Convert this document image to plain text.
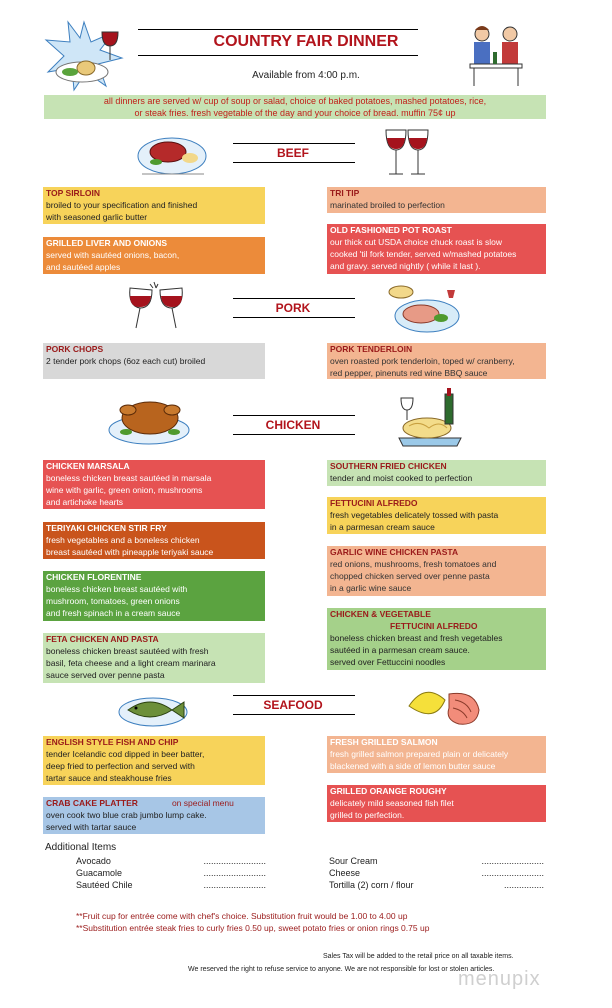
COUNTRY FAIR DINNER
Available from 4:00 p.m.
all dinners are served w/ cup of soup or salad, choice of baked potatoes, mashed potatoes, rice,
or steak fries. fresh vegetable of the day and your choice of bread. muffin 75¢ up
BEEF
TOP SIRLOIN
broiled to your specification and finished
with seasoned garlic butter
TRI TIP
marinated broiled to perfection
GRILLED LIVER AND ONIONS
served with sautéed onions, bacon,
and sautéed apples
OLD FASHIONED POT ROAST
our thick cut USDA choice chuck roast is slow
cooked 'til fork tender, served w/mashed potatoes
and gravy. served nightly ( while it last ).
PORK
PORK CHOPS
2 tender pork chops (6oz each cut) broiled
PORK TENDERLOIN
oven roasted pork tenderloin, toped w/ cranberry,
red pepper, pinenuts red wine BBQ sauce
CHICKEN
CHICKEN MARSALA
boneless chicken breast sautéed in marsala
wine with garlic, green onion, mushrooms
and artichoke hearts
SOUTHERN FRIED CHICKEN
tender and moist cooked to perfection
FETTUCINI ALFREDO
fresh vegetables delicately tossed with pasta
in a parmesan cream sauce
TERIYAKI CHICKEN STIR FRY
fresh vegetables and a boneless chicken
breast sautéed with pineapple teriyaki sauce	GARLIC WINE CHICKEN PASTA
red onions, mushrooms, fresh tomatoes and
chopped chicken served over penne pasta
in a garlic wine sauce
CHICKEN FLORENTINE
boneless chicken breast sautéed with
mushroom, tomatoes, green onions
and fresh spinach in a cream sauce	CHICKEN & VEGETABLE
FETTUCINI ALFREDO
boneless chicken breast and fresh vegetables
sautéed in a parmesan cream sauce.
served over Fettuccini noodles
FETA CHICKEN AND PASTA
boneless chicken breast sautéed with fresh
basil, feta cheese and a light cream marinara
sauce served over penne pasta
SEAFOOD
ENGLISH STYLE FISH AND CHIP
tender Icelandic cod dipped in beer batter,
deep fried to perfection and served with
tartar sauce and steakhouse fries
FRESH GRILLED SALMON
fresh grilled salmon prepared plain or delicately
blackened with a side of lemon butter sauce
GRILLED ORANGE ROUGHY
delicately mild seasoned fish filet
grilled to perfection.
CRAB CAKE PLATTER	on special menu
oven cook two blue crab jumbo lump cake.
served with tartar sauce
Additional Items
Avocado	.........................
Guacamole	.........................
Sautéed Chile	.........................
Sour Cream	.........................
Cheese	.........................
Tortilla (2) corn / flour	................
**Fruit cup for entrée come with chef's choice. Substitution fruit would be 1.00 to 4.00 up
**Substitution entrée steak fries to curly fries 0.50 up, sweet potato fries or onion rings 0.75 up
Sales Tax will be added to the retail price on all taxable items.
We reserved the right to refuse service to anyone. We are not responsible for lost or stolen articles.
menupix
